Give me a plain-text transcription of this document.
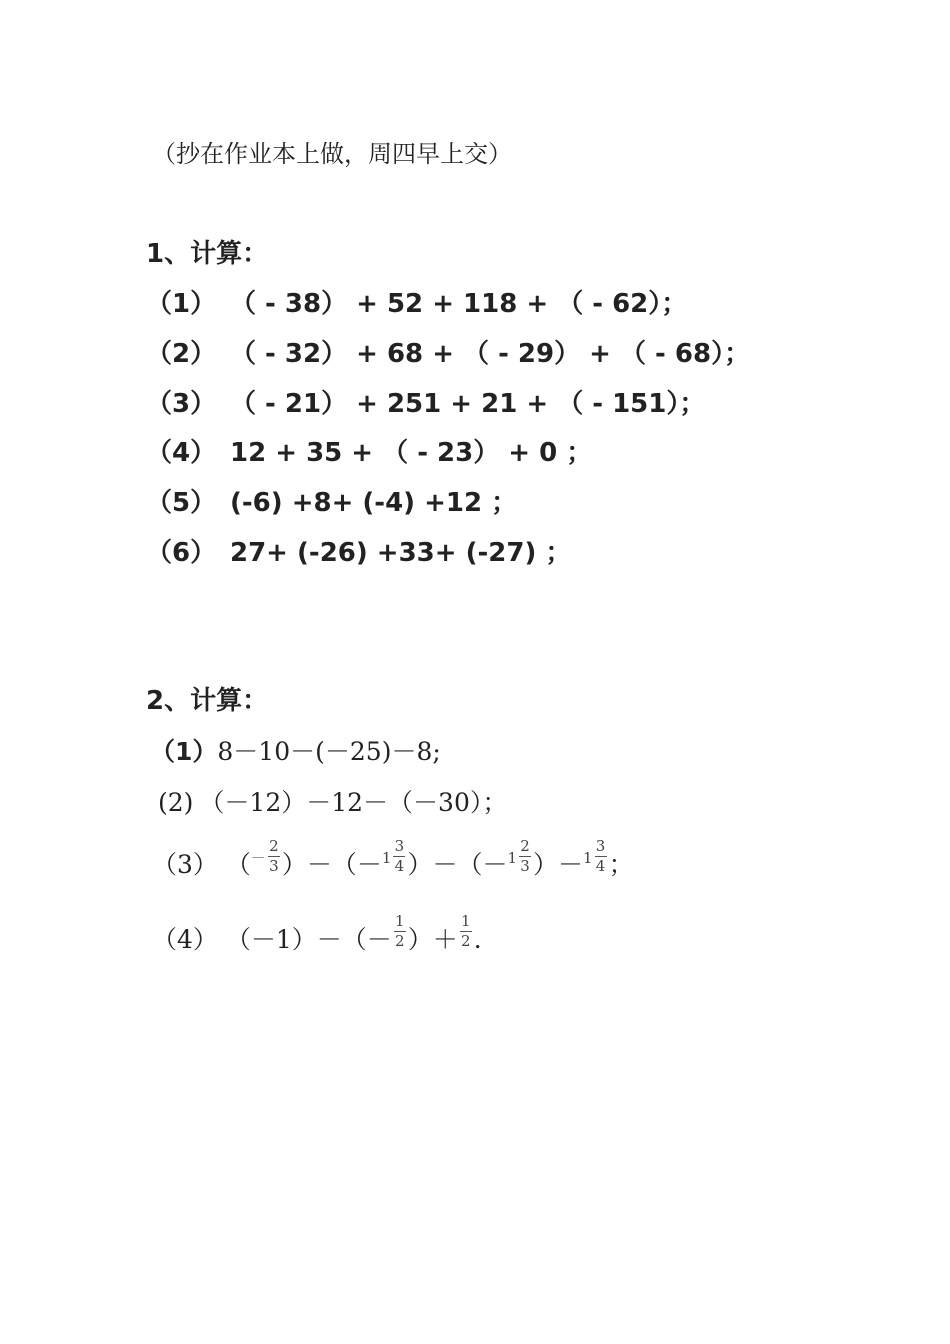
（抄在作业本上做，周四早上交）
1、计算：
（1） （ - 38） + 52 + 118 + （ - 62）；
（2）（ - 32） + 68 + （ - 29） + （ - 68）；
（3）（ - 21） + 251 + 21 + （ - 151）；
（4） 12 + 35 + （ - 23） + 0 ；
（5）(-6) +8+ (-4) +12 ；
（6） 27+ (-26) +33+ (-27) ；
2、计算：
（1）8－10－(－25)－8;
(2) （－12）－12－（－30）；
（3） $(^- \frac{2}{3} )-(-^1 \frac{3}{4} )-(-^1 \frac{2}{3} )-^1 \frac{3}{4}$ ；
（4） $(-1)-(- \frac{1}{2}$ ）＋ $\frac{1}{2}$ .
